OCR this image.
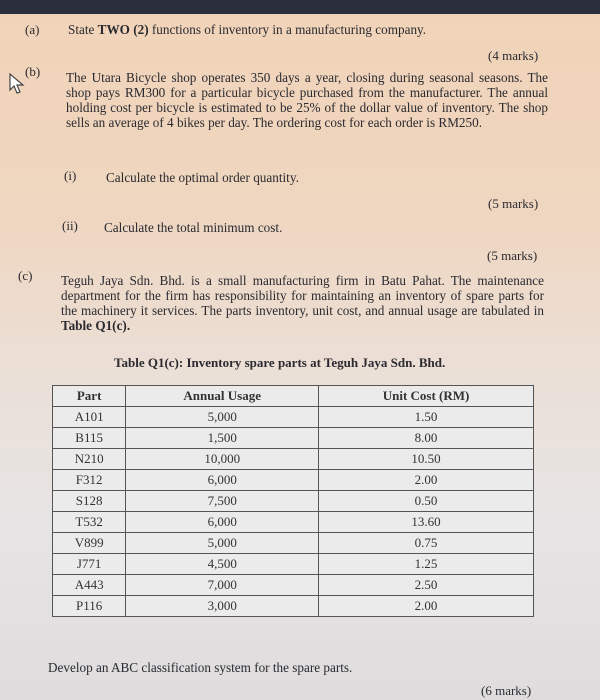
(a) State TWO (2) functions of inventory in a manufacturing company.
(4 marks)
(b) The Utara Bicycle shop operates 350 days a year, closing during seasonal seasons. The shop pays RM300 for a particular bicycle purchased from the manufacturer. The annual holding cost per bicycle is estimated to be 25% of the dollar value of inventory. The shop sells an average of 4 bikes per day. The ordering cost for each order is RM250.
(i) Calculate the optimal order quantity.
(5 marks)
(ii) Calculate the total minimum cost.
(5 marks)
(c) Teguh Jaya Sdn. Bhd. is a small manufacturing firm in Batu Pahat. The maintenance department for the firm has responsibility for maintaining an inventory of spare parts for the machinery it services. The parts inventory, unit cost, and annual usage are tabulated in Table Q1(c).
Table Q1(c): Inventory spare parts at Teguh Jaya Sdn. Bhd.
Part	Annual Usage	Unit Cost (RM)
A101	5,000	1.50
B115	1,500	8.00
N210	10,000	10.50
F312	6,000	2.00
S128	7,500	0.50
T532	6,000	13.60
V899	5,000	0.75
J771	4,500	1.25
A443	7,000	2.50
P116	3,000	2.00
Develop an ABC classification system for the spare parts.
(6 marks)
